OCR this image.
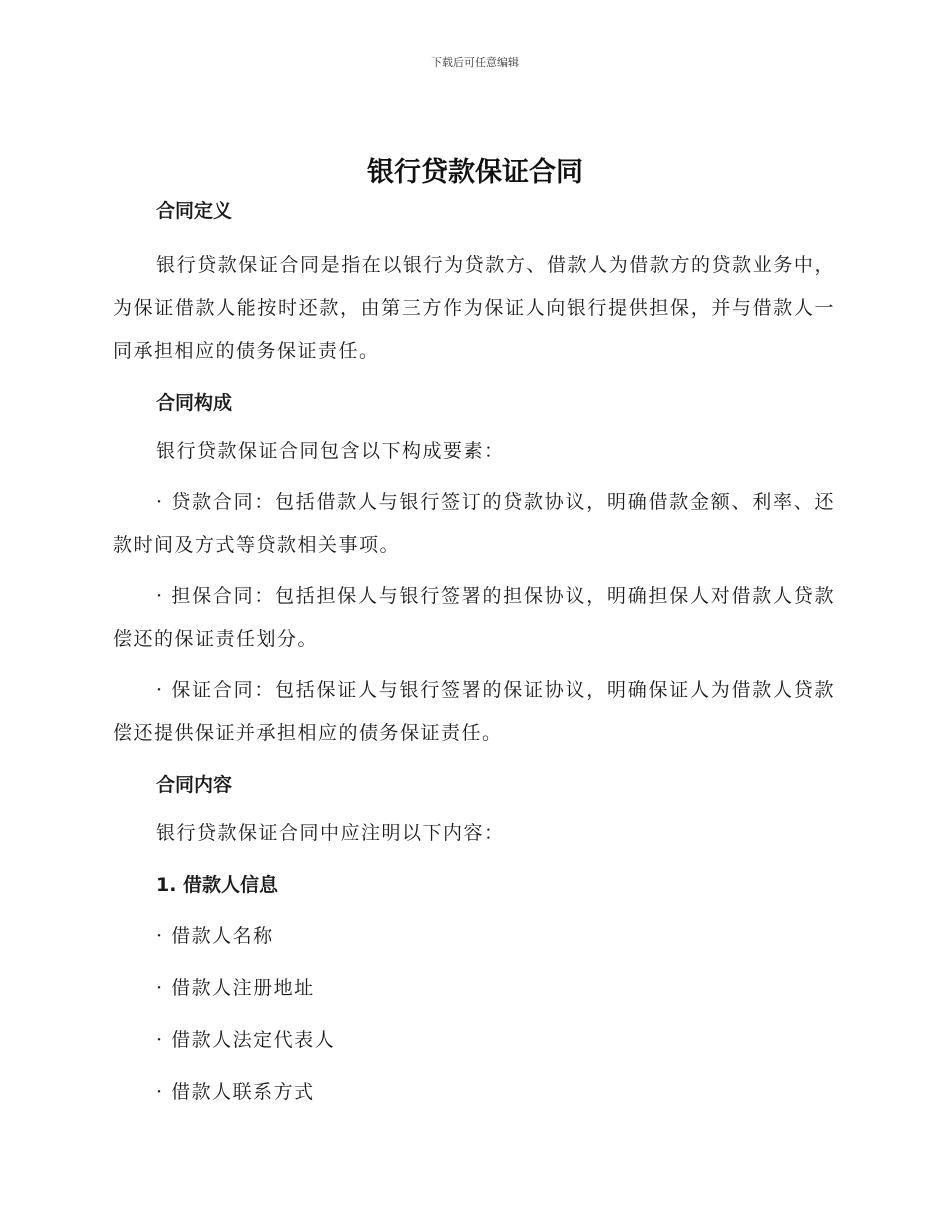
下载后可任意编辑
银行贷款保证合同
合同定义
银行贷款保证合同是指在以银行为贷款方、借款人为借款方的贷款业务中，为保证借款人能按时还款，由第三方作为保证人向银行提供担保，并与借款人一同承担相应的债务保证责任。
合同构成
银行贷款保证合同包含以下构成要素：
· 贷款合同：包括借款人与银行签订的贷款协议，明确借款金额、利率、还款时间及方式等贷款相关事项。
· 担保合同：包括担保人与银行签署的担保协议，明确担保人对借款人贷款偿还的保证责任划分。
· 保证合同：包括保证人与银行签署的保证协议，明确保证人为借款人贷款偿还提供保证并承担相应的债务保证责任。
合同内容
银行贷款保证合同中应注明以下内容：
1. 借款人信息
· 借款人名称
· 借款人注册地址
· 借款人法定代表人
· 借款人联系方式
